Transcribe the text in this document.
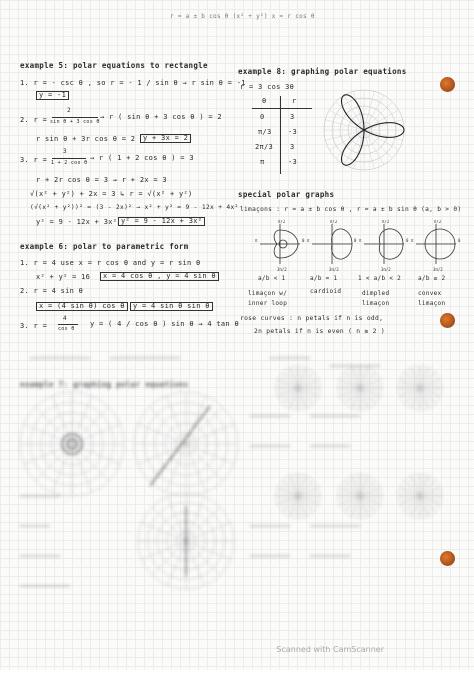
r = a ± b cos θ (x² + y²) x = r cos θ
example 5: polar equations to rectangle
1. r = - csc θ , so r = - 1 / sin θ → r sin θ = -1
y = -1
2. r =
2
sin θ + 3 cos θ
→ r ( sin θ + 3 cos θ ) = 2
r sin θ + 3r cos θ = 2	y + 3x = 2
3. r =
3
1 + 2 cos θ
→ r ( 1 + 2 cos θ ) = 3
r + 2r cos θ = 3 → r + 2x = 3
√(x² + y²) + 2x = 3 ↳ r = √(x² + y²)
(√(x² + y²))² = (3 - 2x)² → x² + y² = 9 - 12x + 4x²
y² = 9 - 12x + 3x² y² = 9 - 12x + 3x²
example 6: polar to parametric form
1. r = 4 use x = r cos θ and y = r sin θ
x² + y² = 16	x = 4 cos θ , y = 4 sin θ
2. r = 4 sin θ
x = (4 sin θ) cos θ	y = 4 sin θ sin θ
3. r =
4
cos θ
y = ( 4 / cos θ ) sin θ → 4 tan θ
example 8: graphing polar equations
r = 3 cos 3θ
θ	r
0	3
π/3 -3
2π/3 3
π	-3
special polar graphs
limaçons : r = a ± b cos θ , r = a ± b sin θ (a, b > 0)
π/2
3π/2
π	0
π/2
3π/2
π	0
π/2
3π/2
π	0
π/2
3π/2
π	0
a/b < 1	a/b = 1	1 < a/b < 2	a/b ≥ 2
limaçon w/ inner loop
cardioid	dimpled limaçon
convex limaçon
rose curves : n petals if n is odd,
2n petals if n is even ( n ≥ 2 )
example 7: graphing polar equations
Scanned with CamScanner
